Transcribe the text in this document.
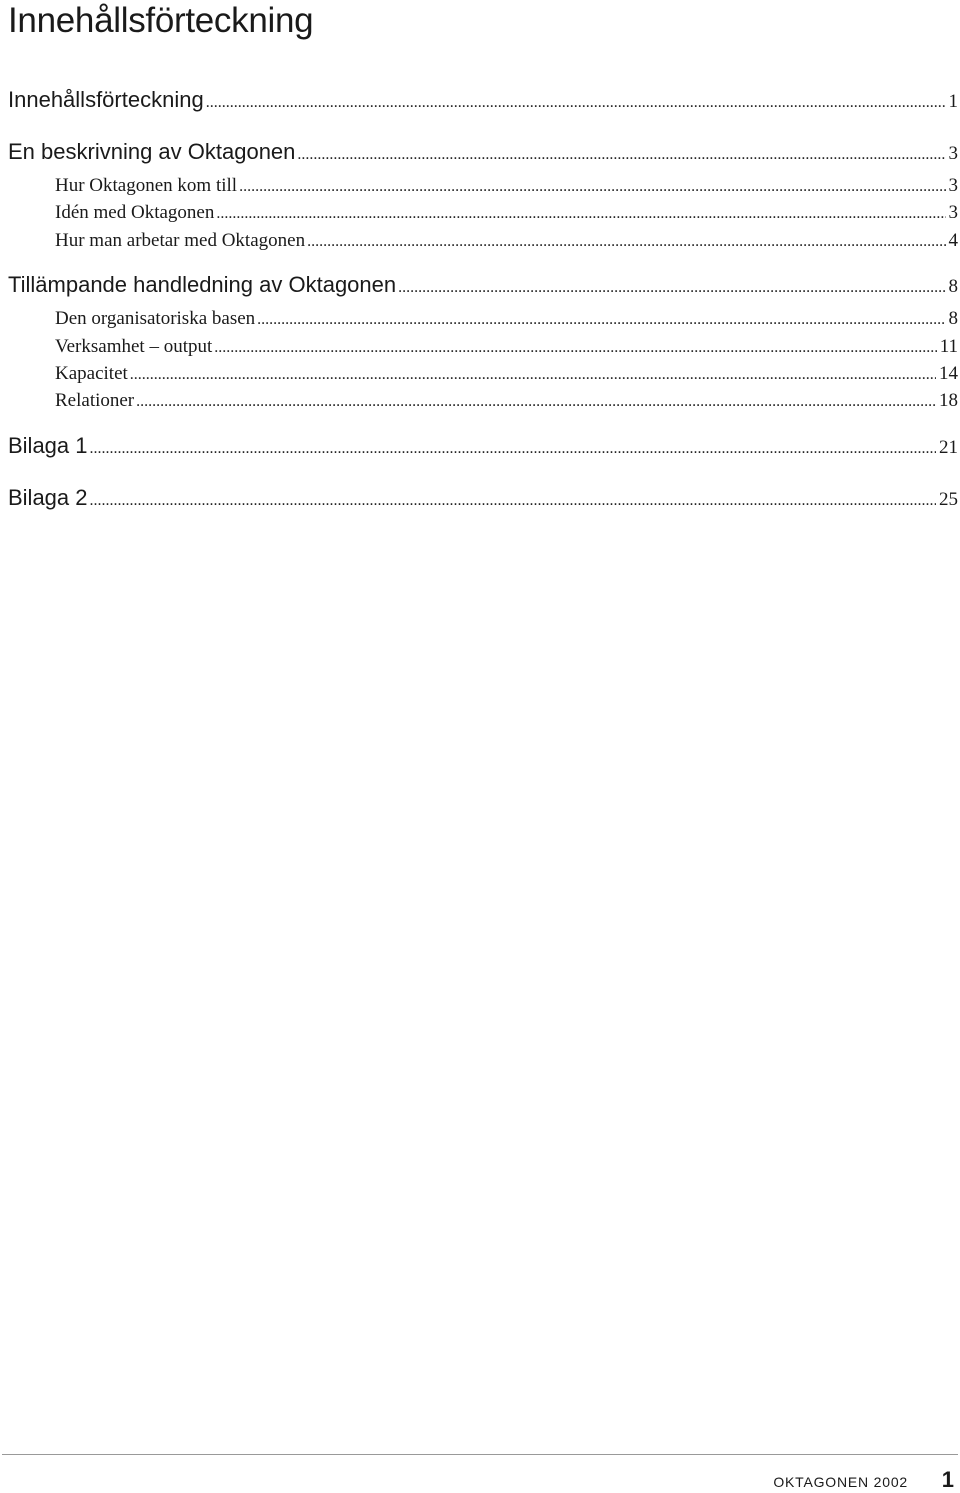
Innehållsförteckning
Innehållsförteckning .....	1
En beskrivning av Oktagonen .....	3
Hur Oktagonen kom till .....	3
Idén med Oktagonen .....	3
Hur man arbetar med Oktagonen .....	4
Tillämpande handledning av Oktagonen .....	8
Den organisatoriska basen .....	8
Verksamhet – output .....	11
Kapacitet .....	14
Relationer .....	18
Bilaga 1 .....	21
Bilaga 2 .....	25
OKTAGONEN 2002 1
